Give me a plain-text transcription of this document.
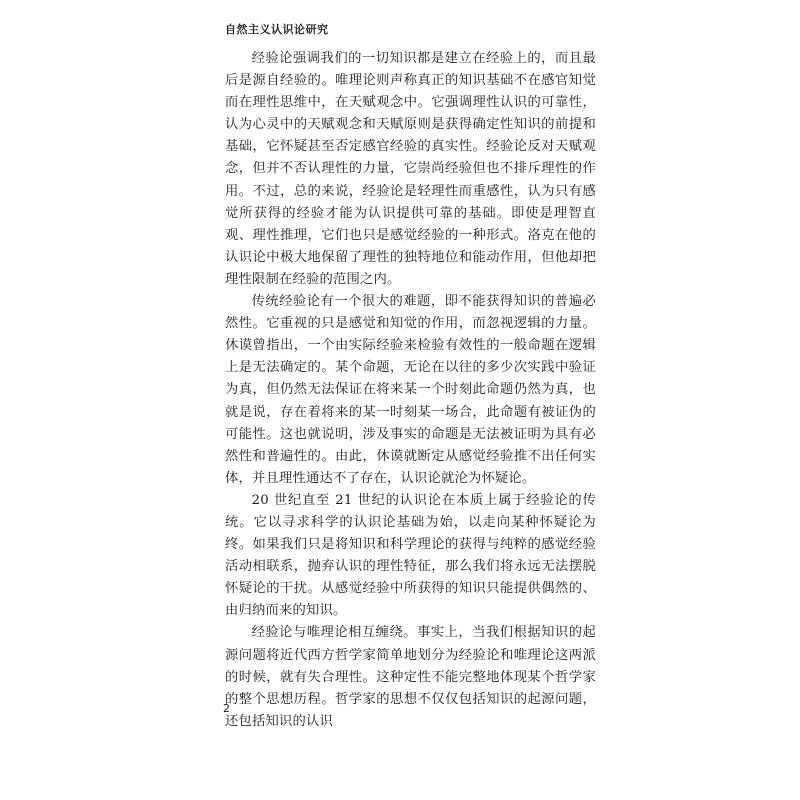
自然主义认识论研究

经验论强调我们的一切知识都是建立在经验上的，而且最后是源自经验的。唯理论则声称真正的知识基础不在感官知觉而在理性思维中，在天赋观念中。它强调理性认识的可靠性，认为心灵中的天赋观念和天赋原则是获得确定性知识的前提和基础，它怀疑甚至否定感官经验的真实性。经验论反对天赋观念，但并不否认理性的力量，它崇尚经验但也不排斥理性的作用。不过，总的来说，经验论是轻理性而重感性，认为只有感觉所获得的经验才能为认识提供可靠的基础。即使是理智直观、理性推理，它们也只是感觉经验的一种形式。洛克在他的认识论中极大地保留了理性的独特地位和能动作用，但他却把理性限制在经验的范围之内。

传统经验论有一个很大的难题，即不能获得知识的普遍必然性。它重视的只是感觉和知觉的作用，而忽视逻辑的力量。休谟曾指出，一个由实际经验来检验有效性的一般命题在逻辑上是无法确定的。某个命题，无论在以往的多少次实践中验证为真，但仍然无法保证在将来某一个时刻此命题仍然为真，也就是说，存在着将来的某一时刻某一场合，此命题有被证伪的可能性。这也就说明，涉及事实的命题是无法被证明为具有必然性和普遍性的。由此，休谟就断定从感觉经验推不出任何实体，并且理性通达不了存在，认识论就沦为怀疑论。

20 世纪直至 21 世纪的认识论在本质上属于经验论的传统。它以寻求科学的认识论基础为始，以走向某种怀疑论为终。如果我们只是将知识和科学理论的获得与纯粹的感觉经验活动相联系，抛弃认识的理性特征，那么我们将永远无法摆脱怀疑论的干扰。从感觉经验中所获得的知识只能提供偶然的、由归纳而来的知识。

经验论与唯理论相互缠绕。事实上，当我们根据知识的起源问题将近代西方哲学家简单地划分为经验论和唯理论这两派的时候，就有失合理性。这种定性不能完整地体现某个哲学家的整个思想历程。哲学家的思想不仅仅包括知识的起源问题，还包括知识的认识

2
